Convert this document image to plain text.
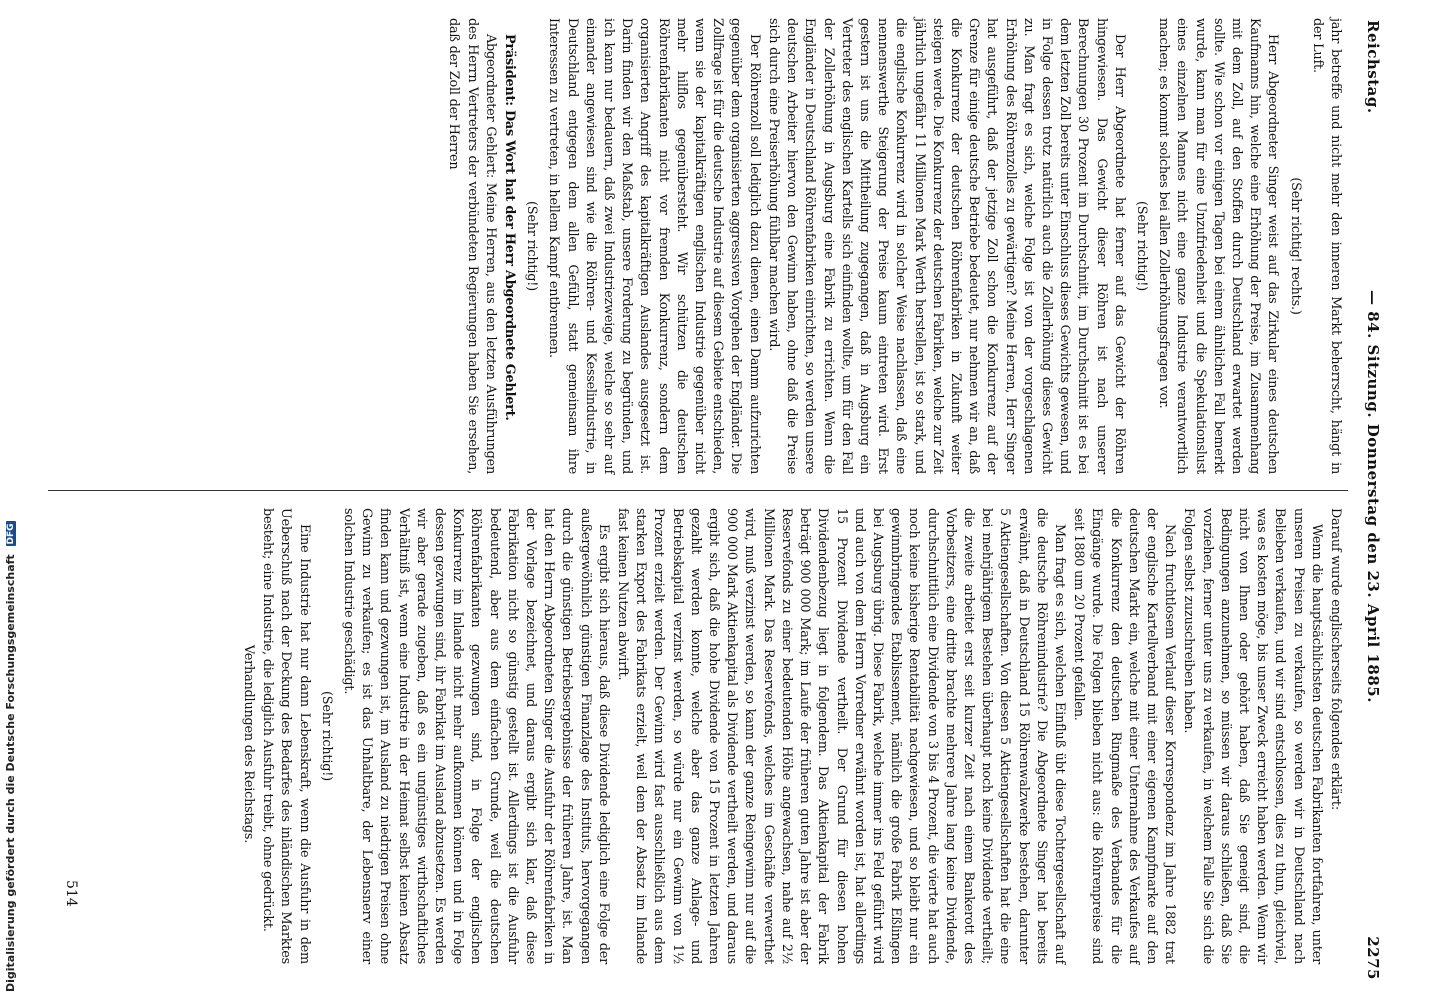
Reichstag.
— 84. Sitzung. Donnerstag den 23. April 1885.
2275

jahr betreffe und nicht mehr den inneren Markt beherrscht, hängt in der Luft.

(Sehr richtig! rechts.)

Herr Abgeordneter Singer weist auf das Zirkular eines deutschen Kaufmanns hin, welche eine Erhöhung der Preise, im Zusammenhang mit dem Zoll, auf den Stoffen durch Deutschland erwartet werden sollte. Wie schon vor einigen Tagen bei einem ähnlichen Fall bemerkt wurde, kann man für eine Unzufriedenheit und die Spekulationslust eines einzelnen Mannes nicht eine ganze Industrie verantwortlich machen; es kommt solches bei allen Zollerhöhungsfragen vor.

(Sehr richtig!)

Der Herr Abgeordnete hat ferner auf das Gewicht der Röhren hingewiesen. Das Gewicht dieser Röhren ist nach unserer Berechnungen 30 Prozent im Durchschnitt, im Durchschnitt ist es bei dem letzten Zoll bereits unter Einschluss dieses Gewichts gewesen, und in Folge dessen trotz natürlich auch die Zollerhöhung dieses Gewicht zu. Man fragt es sich, welche Folge ist von der vorgeschlagenen Erhöhung des Röhrenzolles zu gewärtigen? Meine Herren, Herr Singer hat ausgeführt, daß der jetzige Zoll schon die Konkurrenz auf der Grenze für einige deutsche Betriebe bedeutet, nur nehmen wir an, daß die Konkurrenz der deutschen Röhrenfabriken in Zukunft weiter steigen werde. Die Konkurrenz der deutschen Fabriken, welche zur Zeit jährlich ungefähr 11 Millionen Mark Werth herstellen, ist so stark, und die englische Konkurrenz wird in solcher Weise nachlassen, daß eine nennenswerthe Steigerung der Preise kaum eintreten wird. Erst gestern ist uns die Mittheilung zugegangen, daß in Augsburg ein Vertreter des englischen Kartells sich einfinden wollte, um für den Fall der Zollerhöhung in Augsburg eine Fabrik zu errichten. Wenn die Engländer in Deutschland Röhrenfabriken einrichten, so werden unsere deutschen Arbeiter hiervon den Gewinn haben, ohne daß die Preise sich durch eine Preiserhöhung fühlbar machen wird.

Der Röhrenzoll soll lediglich dazu dienen, einen Damm aufzurichten gegenüber dem organisierten aggressiven Vorgehen der Engländer. Die Zollfrage ist für die deutsche Industrie auf diesem Gebiete entschieden, wenn sie der kapitalkräftigen englischen Industrie gegenüber nicht mehr hilflos gegenübersteht. Wir schützen die deutschen Röhrenfabrikanten nicht vor fremden Konkurrenz, sondern dem organisierten Angriff des kapitalkräftigen Auslandes ausgesetzt ist. Darin finden wir den Maßstab, unsere Forderung zu begründen, und ich kann nur bedauern, daß zwei Industriezweige, welche so sehr auf einander angewiesen sind wie die Röhren- und Kesselindustrie, in Deutschland entgegen dem allen Gefühl, statt gemeinsam ihre Interessen zu vertreten, in hellem Kampf entbrennen.

(Sehr richtig!)

Präsident: Das Wort hat der Herr Abgeordnete Gehlert.

Abgeordneter Gehlert: Meine Herren, aus den letzten Ausführungen des Herrn Vertreters der verbündeten Regierungen haben Sie ersehen, daß der Zoll der Herren

Darauf wurde englischerseits folgendes erklärt:

Wenn die hauptsächlichsten deutschen Fabrikanten fortfahren, unter unseren Preisen zu verkaufen, so werden wir in Deutschland nach Belieben verkaufen, und wir sind entschlossen, dies zu thun, gleichviel, was es kosten möge, bis unser Zweck erreicht haben werden. Wenn wir nicht von Ihnen oder gehört haben, daß Sie geneigt sind, die Bedingungen anzunehmen, so müssen wir daraus schließen, daß Sie vorziehen, ferner unter uns zu verkaufen, in welchem Falle Sie sich die Folgen selbst zuzuschreiben haben.

Nach fruchtlosem Verlauf dieser Korrespondenz im Jahre 1882 trat der englische Kartellverband mit einer eigenen Kampfmarke auf den deutschen Markt ein, welche mit einer Unternahme des Verkaufes auf die Konkurrenz den deutschen Ringmaße des Verbandes für die Eingänge wurde. Die Folgen blieben nicht aus: die Röhrenpreise sind seit 1880 um 20 Prozent gefallen.

Man fragt es sich, welchen Einfluß übt diese Tochtergesellschaft auf die deutsche Röhrenindustrie? Die Abgeordnete Singer hat bereits erwähnt, daß in Deutschland 15 Röhrenwalzwerke bestehen, darunter 5 Aktiengesellschaften. Von diesen 5 Aktiengesellschaften hat die eine bei mehrjährigem Bestehen überhaupt noch keine Dividende vertheilt; die zweite arbeitet erst seit kurzer Zeit nach einem Bankerott des Vorbesitzers, eine dritte brachte mehrere Jahre lang keine Dividende, durchschnittlich eine Dividende von 3 bis 4 Prozent, die vierte hat auch noch keine bisherige Rentabilität nachgewiesen, und so bleibt nur ein gewinnbringendes Etablissement, nämlich die große Fabrik Eßlingen bei Augsburg übrig. Diese Fabrik, welche immer ins Feld geführt wird und auch von dem Herrn Vorredner erwähnt worden ist, hat allerdings 15 Prozent Dividende vertheilt. Der Grund für diesen hohen Dividendenbezug liegt in folgendem. Das Aktienkapital der Fabrik beträgt 900 000 Mark; im Laufe der früheren guten Jahre ist aber der Reservefonds zu einer bedeutenden Höhe angewachsen, nahe auf 2½ Millionen Mark. Das Reservefonds, welches im Geschäfte verwerthet wird, muß verzinst werden, so kann der ganze Reingewinn nur auf die 900 000 Mark Aktienkapital als Dividende vertheilt werden, und daraus ergibt sich, daß die hohe Dividende von 15 Prozent in letzten Jahren gezahlt werden konnte, welche aber das ganze Anlage- und Betriebskapital verzinst werden, so würde nur ein Gewinn von 1½ Prozent erzielt werden. Der Gewinn wird fast ausschließlich aus dem starken Export des Fabrikats erzielt, weil dem der Absatz im Inlande fast keinen Nutzen abwirft.

Es ergibt sich hieraus, daß diese Dividende lediglich eine Folge der außergewöhnlich günstigen Finanzlage des Instituts, hervorgegangen durch die günstigen Betriebsergebnisse der früheren Jahre, ist. Man hat den Herrn Abgeordneten Singer die Ausfuhr der Röhrenfabriken in der Vorlage bezeichnet, und daraus ergibt sich klar, daß diese Fabrikation nicht so günstig gestellt ist. Allerdings ist die Ausfuhr bedeutend, aber aus dem einfachen Grunde, weil die deutschen Röhrenfabrikanten gezwungen sind, in Folge der englischen Konkurrenz im Inlande nicht mehr aufkommen können und in Folge dessen gezwungen sind, ihr Fabrikat im Ausland abzusetzen. Es werden wir aber gerade zugeben, daß es ein ungünstiges wirthschaftliches Verhältniß ist, wenn eine Industrie in der Heimat selbst keinen Absatz finden kann und gezwungen ist, im Ausland zu niedrigen Preisen ohne Gewinn zu verkaufen; es ist das Unhaltbare, der Lebensnerv einer solchen Industrie geschädigt.

(Sehr richtig!)

Eine Industrie hat nur dann Lebenskraft, wenn die Ausfuhr in dem Ueberschuß nach der Deckung des Bedarfes des inländischen Marktes besteht; eine Industrie, die lediglich Ausfuhr treibt, ohne gedrückt.

Verhandlungen des Reichstags.

514
Digitalisierung gefördert durch die Deutsche Forschungsgemeinschaft DFG
